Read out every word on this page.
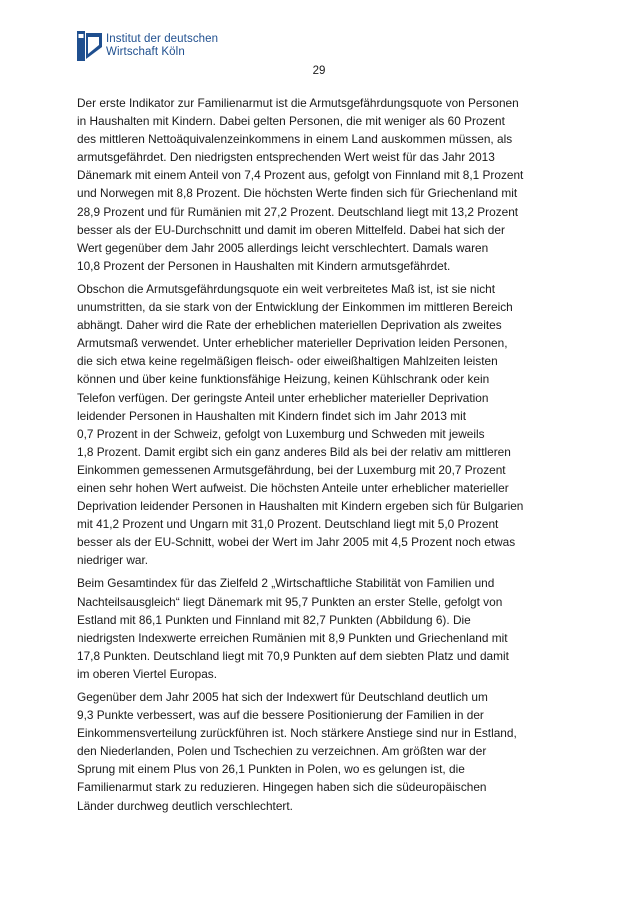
Institut der deutschen
Wirtschaft Köln
29

Der erste Indikator zur Familienarmut ist die Armutsgefährdungsquote von Personen
in Haushalten mit Kindern. Dabei gelten Personen, die mit weniger als 60 Prozent
des mittleren Nettoäquivalenzeinkommens in einem Land auskommen müssen, als
armutsgefährdet. Den niedrigsten entsprechenden Wert weist für das Jahr 2013
Dänemark mit einem Anteil von 7,4 Prozent aus, gefolgt von Finnland mit 8,1 Prozent
und Norwegen mit 8,8 Prozent. Die höchsten Werte finden sich für Griechenland mit
28,9 Prozent und für Rumänien mit 27,2 Prozent. Deutschland liegt mit 13,2 Prozent
besser als der EU-Durchschnitt und damit im oberen Mittelfeld. Dabei hat sich der
Wert gegenüber dem Jahr 2005 allerdings leicht verschlechtert. Damals waren
10,8 Prozent der Personen in Haushalten mit Kindern armutsgefährdet.

Obschon die Armutsgefährdungsquote ein weit verbreitetes Maß ist, ist sie nicht
unumstritten, da sie stark von der Entwicklung der Einkommen im mittleren Bereich
abhängt. Daher wird die Rate der erheblichen materiellen Deprivation als zweites
Armutsmaß verwendet. Unter erheblicher materieller Deprivation leiden Personen,
die sich etwa keine regelmäßigen fleisch- oder eiweißhaltigen Mahlzeiten leisten
können und über keine funktionsfähige Heizung, keinen Kühlschrank oder kein
Telefon verfügen. Der geringste Anteil unter erheblicher materieller Deprivation
leidender Personen in Haushalten mit Kindern findet sich im Jahr 2013 mit
0,7 Prozent in der Schweiz, gefolgt von Luxemburg und Schweden mit jeweils
1,8 Prozent. Damit ergibt sich ein ganz anderes Bild als bei der relativ am mittleren
Einkommen gemessenen Armutsgefährdung, bei der Luxemburg mit 20,7 Prozent
einen sehr hohen Wert aufweist. Die höchsten Anteile unter erheblicher materieller
Deprivation leidender Personen in Haushalten mit Kindern ergeben sich für Bulgarien
mit 41,2 Prozent und Ungarn mit 31,0 Prozent. Deutschland liegt mit 5,0 Prozent
besser als der EU-Schnitt, wobei der Wert im Jahr 2005 mit 4,5 Prozent noch etwas
niedriger war.

Beim Gesamtindex für das Zielfeld 2 „Wirtschaftliche Stabilität von Familien und
Nachteilsausgleich“ liegt Dänemark mit 95,7 Punkten an erster Stelle, gefolgt von
Estland mit 86,1 Punkten und Finnland mit 82,7 Punkten (Abbildung 6). Die
niedrigsten Indexwerte erreichen Rumänien mit 8,9 Punkten und Griechenland mit
17,8 Punkten. Deutschland liegt mit 70,9 Punkten auf dem siebten Platz und damit
im oberen Viertel Europas.

Gegenüber dem Jahr 2005 hat sich der Indexwert für Deutschland deutlich um
9,3 Punkte verbessert, was auf die bessere Positionierung der Familien in der
Einkommensverteilung zurückführen ist. Noch stärkere Anstiege sind nur in Estland,
den Niederlanden, Polen und Tschechien zu verzeichnen. Am größten war der
Sprung mit einem Plus von 26,1 Punkten in Polen, wo es gelungen ist, die
Familienarmut stark zu reduzieren. Hingegen haben sich die südeuropäischen
Länder durchweg deutlich verschlechtert.
